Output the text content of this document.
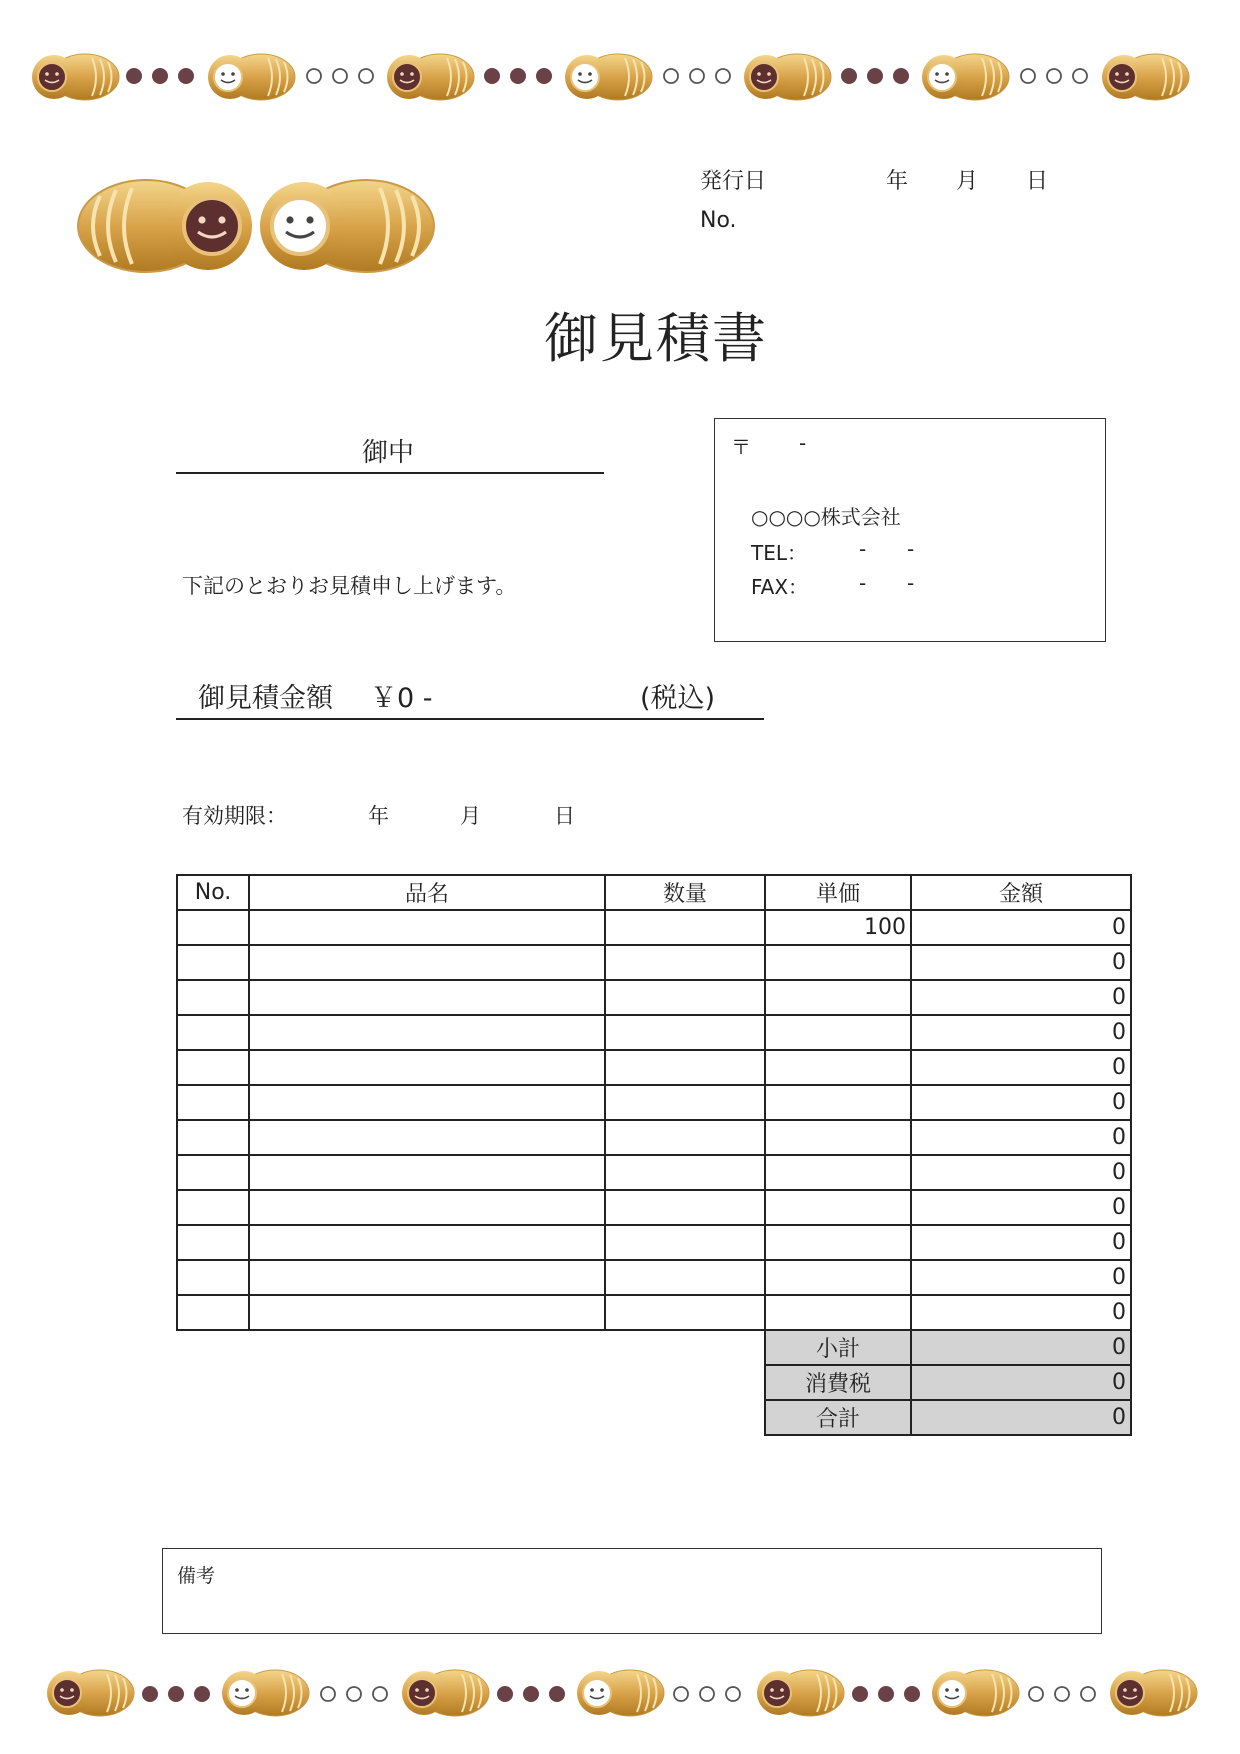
発行日	年 月 日
No.
御見積書
御中
下記のとおりお見積申し上げます。
〒 -
○○○○株式会社
TEL：	- -
FAX：	- -
御見積金額 ￥0 -	(税込)
有効期限：	年	月	日
No.	品名	数量	単価	金額
			100	0
				0
				0
				0
				0
				0
				0
				0
				0
				0
				0
				0
			小計	0
			消費税	0
			合計	0
備考
